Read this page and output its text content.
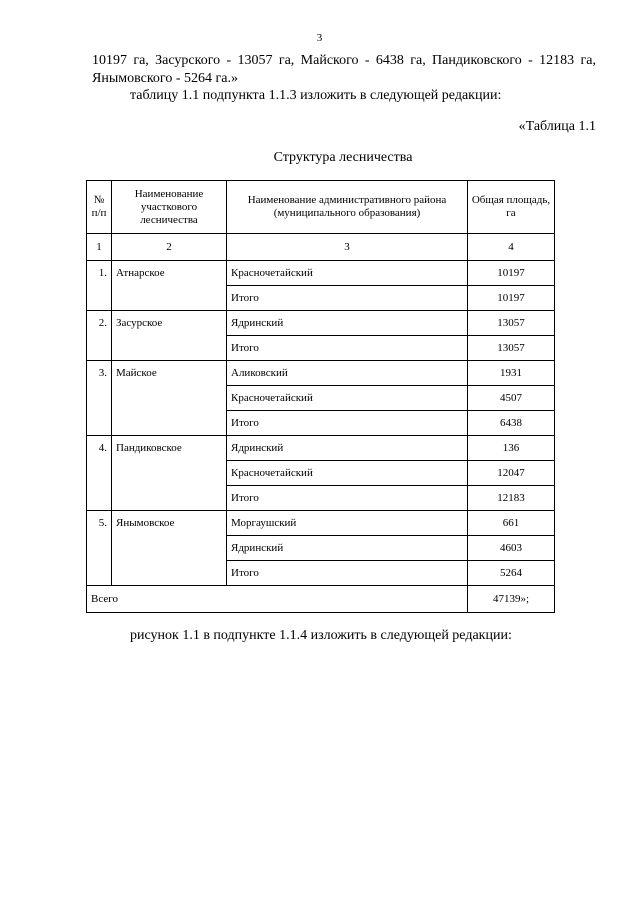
3
10197 га, Засурского - 13057 га, Майского - 6438 га, Пандиковского - 12183 га,
Янымовского - 5264 га.»
таблицу 1.1 подпункта 1.1.3 изложить в следующей редакции:
«Таблица 1.1
Структура лесничества
№ п/п	Наименование участкового лесничества	Наименование административного района (муниципального образования)	Общая площадь, га
1	2	3	4
1.	Атнарское	Красночетайский	10197
		Итого	10197
2.	Засурское	Ядринский	13057
		Итого	13057
3.	Майское	Аликовский	1931
		Красночетайский	4507
		Итого	6438
4.	Пандиковское	Ядринский	136
		Красночетайский	12047
		Итого	12183
5.	Янымовское	Моргаушский	661
		Ядринский	4603
		Итого	5264
Всего			47139»;
рисунок 1.1 в подпункте 1.1.4 изложить в следующей редакции:
